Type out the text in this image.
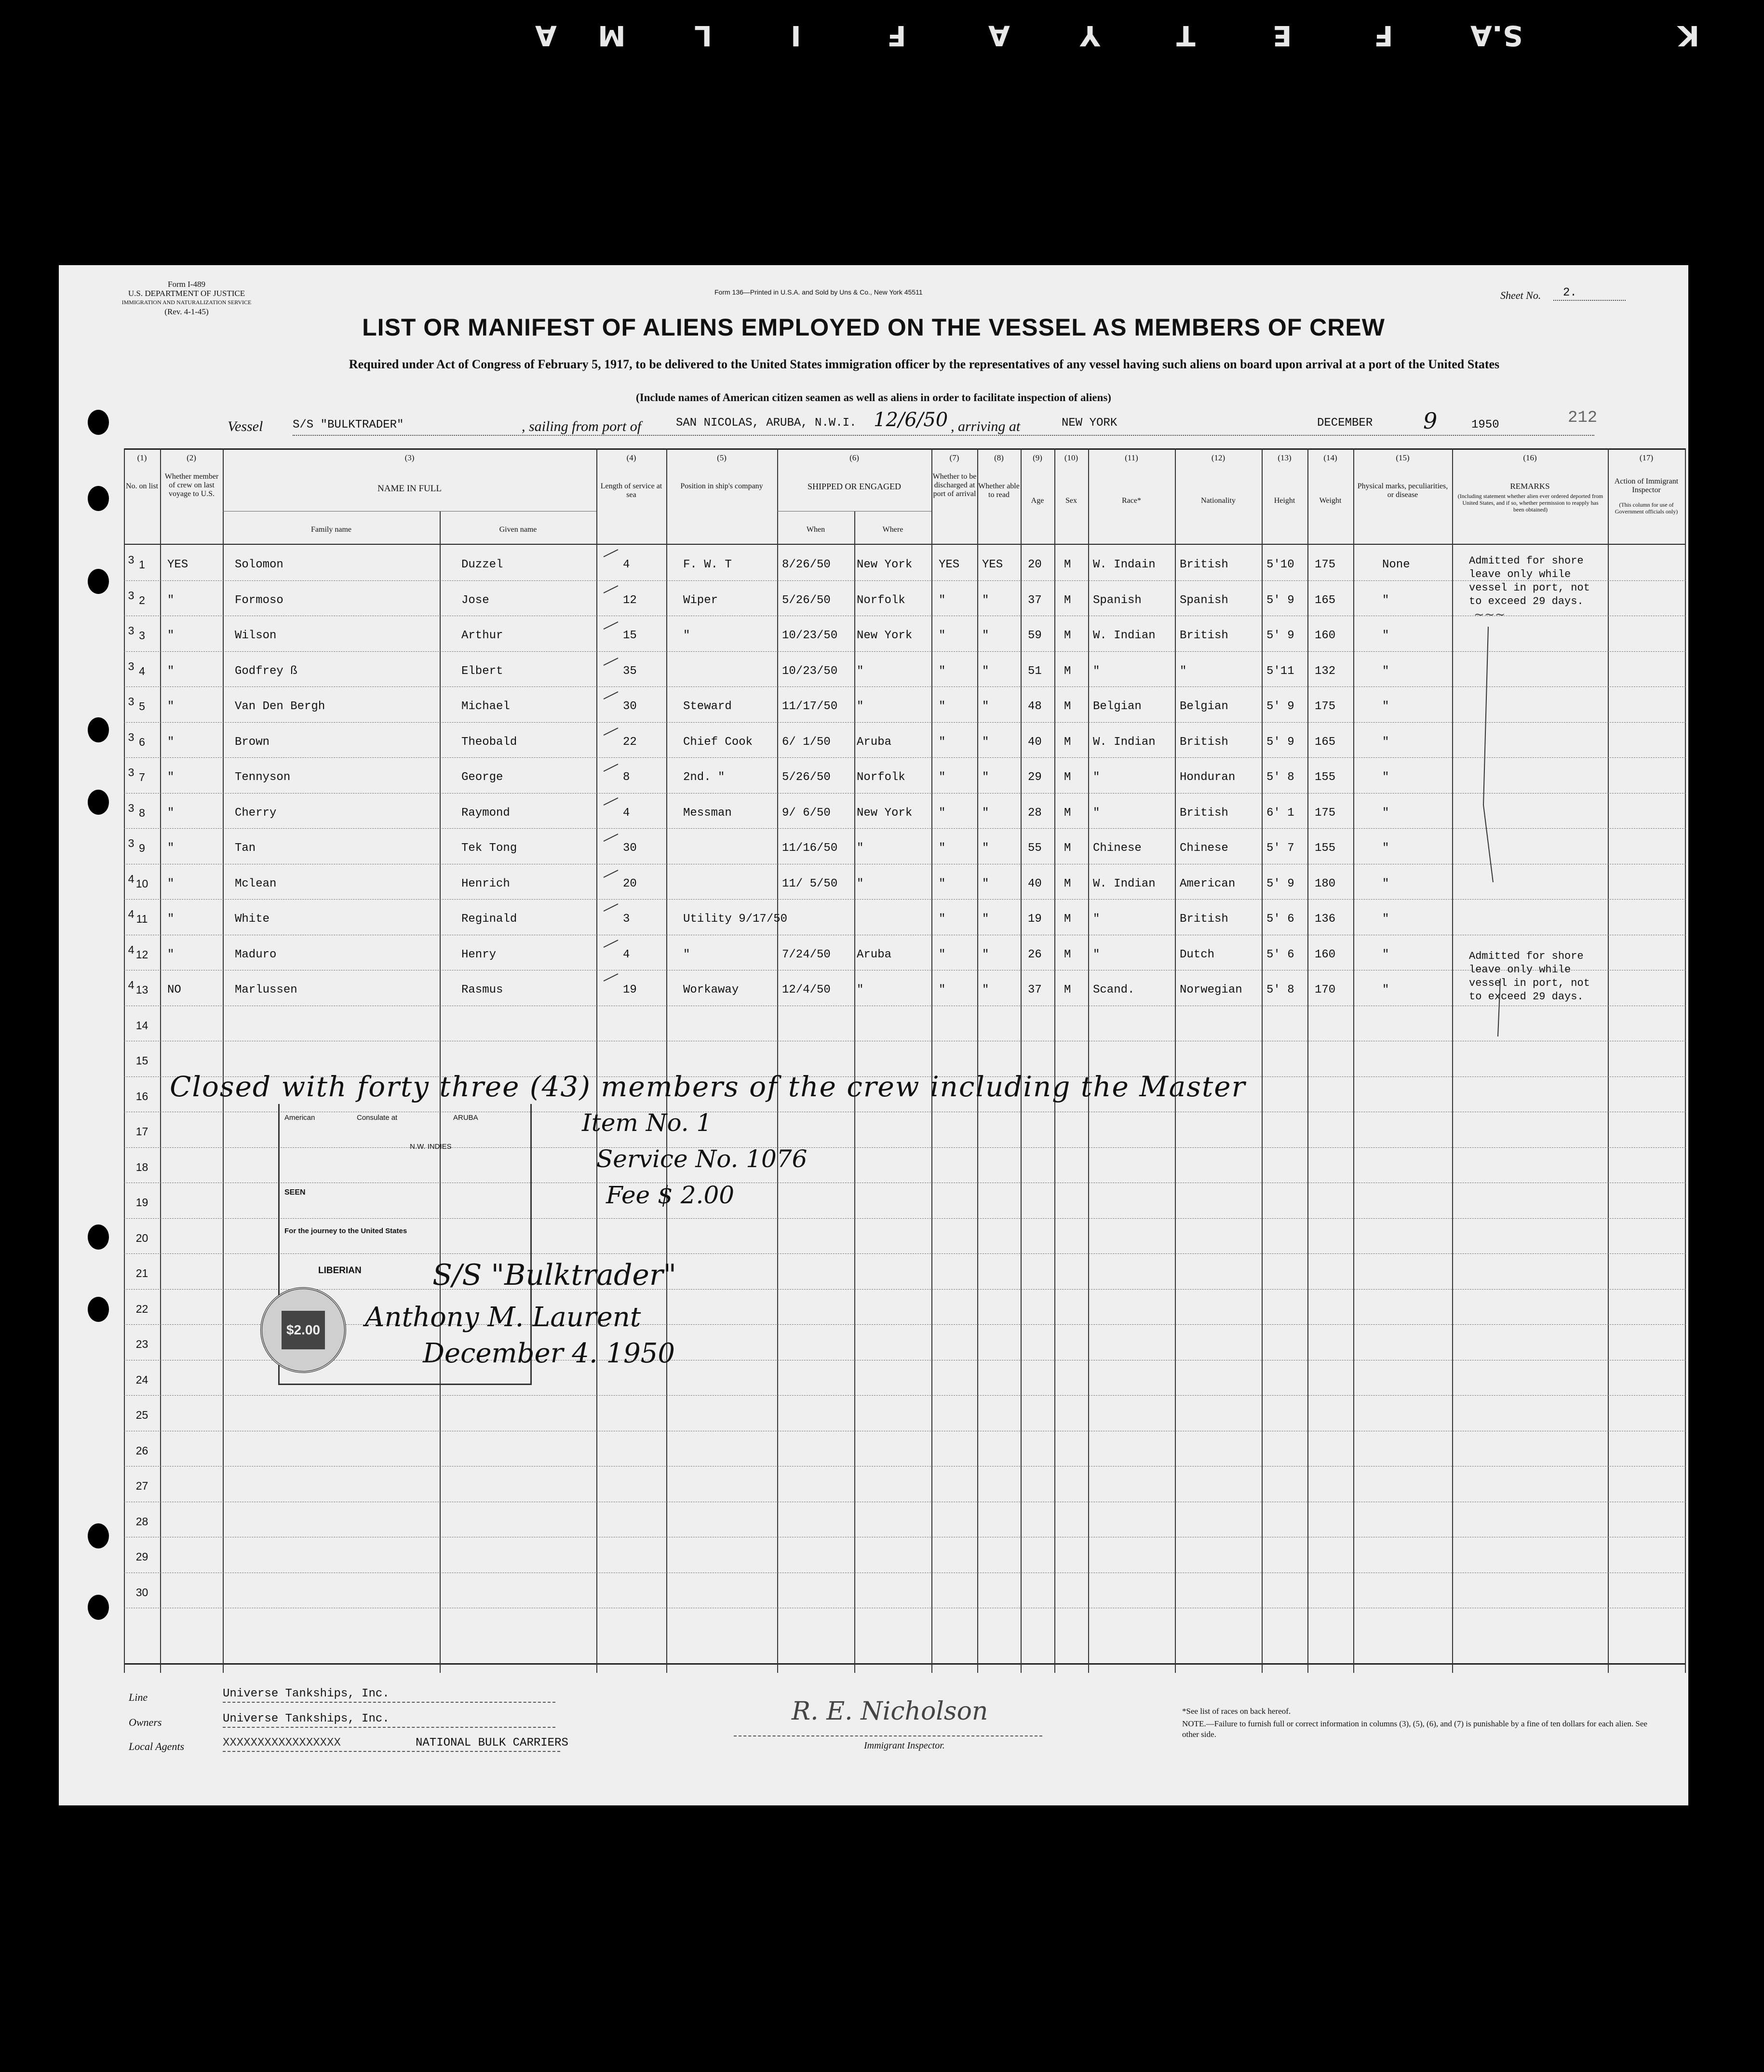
K
S.A
F
E
T
Y
A
F
I
L
M
A
Form I-489
U.S. DEPARTMENT OF JUSTICE
IMMIGRATION AND NATURALIZATION SERVICE
(Rev. 4-1-45)
Form 136—Printed in U.S.A. and Sold by Uns & Co., New York 45511	Sheet No. 2.
LIST OR MANIFEST OF ALIENS EMPLOYED ON THE VESSEL AS MEMBERS OF CREW
Required under Act of Congress of February 5, 1917, to be delivered to the United States immigration officer by the representatives of any vessel having such aliens on board upon arrival at a port of the United States
(Include names of American citizen seamen as well as aliens in order to facilitate inspection of aliens)
Vessel	S/S "BULKTRADER"	, sailing from port of	SAN NICOLAS, ARUBA, N.W.I. 12/6/50 , arriving at	NEW YORK	DECEMBER 9	1950	212
(1)	(2)	(3)	(4)	(5)	(6)	(7)	(8)	(9)	(10)	(11)	(12)	(13)	(14)	(15)	(16)	(17)
No. on list
Whether member of crew on last voyage to U.S.
NAME IN FULL
Family name	Given name
Length of service at sea
Position in ship's company	SHIPPED OR ENGAGED
When	Where
Whether to be discharged at port of arrival
Whether able to read
Age	Sex	Race*	Nationality	Height	Weight
Physical marks, peculiarities, or disease
REMARKS
(Including statement whether alien ever ordered deported from United States, and if so, whether permission to reapply has been obtained)
Action of Immigrant Inspector
(This column for use of Government officials only)
1
3	YES	Solomon	Duzzel	4	F. W. T	8/26/50 New York YES YES 20 M W. Indain British	5'10 175	None
2
3	"	Formoso	Jose	12	Wiper	5/26/50 Norfolk	"	"	37 M Spanish	Spanish	5' 9 165	"
3
3	"	Wilson	Arthur	15	"	10/23/50 New York "	"	59 M W. Indian British	5' 9 160	"
4
3	"	Godfrey ß	Elbert	35	10/23/50 "	"	"	51 M "	"	5'11 132	"
5
3	"	Van Den Bergh	Michael	30	Steward	11/17/50 "	"	"	48 M Belgian	Belgian	5' 9 175	"
6
3	"	Brown	Theobald	22	Chief Cook	6/ 1/50 Aruba	"	"	40 M W. Indian British	5' 9 165	"
7
3	"	Tennyson	George	8	2nd. "	5/26/50 Norfolk	"	"	29 M "	Honduran	5' 8 155	"
8
3	"	Cherry	Raymond	4	Messman	9/ 6/50 New York "	"	28 M "	British	6' 1 175	"
9
3	"	Tan	Tek Tong	30	11/16/50 "	"	"	55 M Chinese	Chinese	5' 7 155	"
10
4	"	Mclean	Henrich	20	11/ 5/50 "	"	"	40 M W. Indian American	5' 9 180	"
11
4	"	White	Reginald	3	Utility 9/17/50	"	"	19 M "	British	5' 6 136	"
12
4	"	Maduro	Henry	4	"	7/24/50 Aruba	"	"	26 M "	Dutch	5' 6 160	"
13
4	NO	Marlussen	Rasmus	19	Workaway	12/4/50 "	"	"	37 M Scand.	Norwegian 5' 8 170	"
14
15
16
17
18
19
20
21
22
23
24
25
26
27
28
29
30
Admitted for shore leave only while vessel in port, not to exceed 29 days.
~~~
Admitted for shore leave only while vessel in port, not to exceed 29 days.
Closed with forty three (43) members of the crew including the Master
Item No. 1
Service No. 1076
Fee $ 2.00
American	Consulate at	ARUBA
N.W. INDIES
SEEN
For the journey to the United States
LIBERIAN
$2.00
S/S "Bulktrader"
Anthony M. Laurent
December 4. 1950
Line	Universe Tankships, Inc.
Owners	Universe Tankships, Inc.
Local Agents	XXXXXXXXXXXXXXXXX	NATIONAL BULK CARRIERS
R. E. Nicholson
Immigrant Inspector.
*See list of races on back hereof.
NOTE.—Failure to furnish full or correct information in columns (3), (5), (6), and (7) is punishable by a fine of ten dollars for each alien. See other side.
